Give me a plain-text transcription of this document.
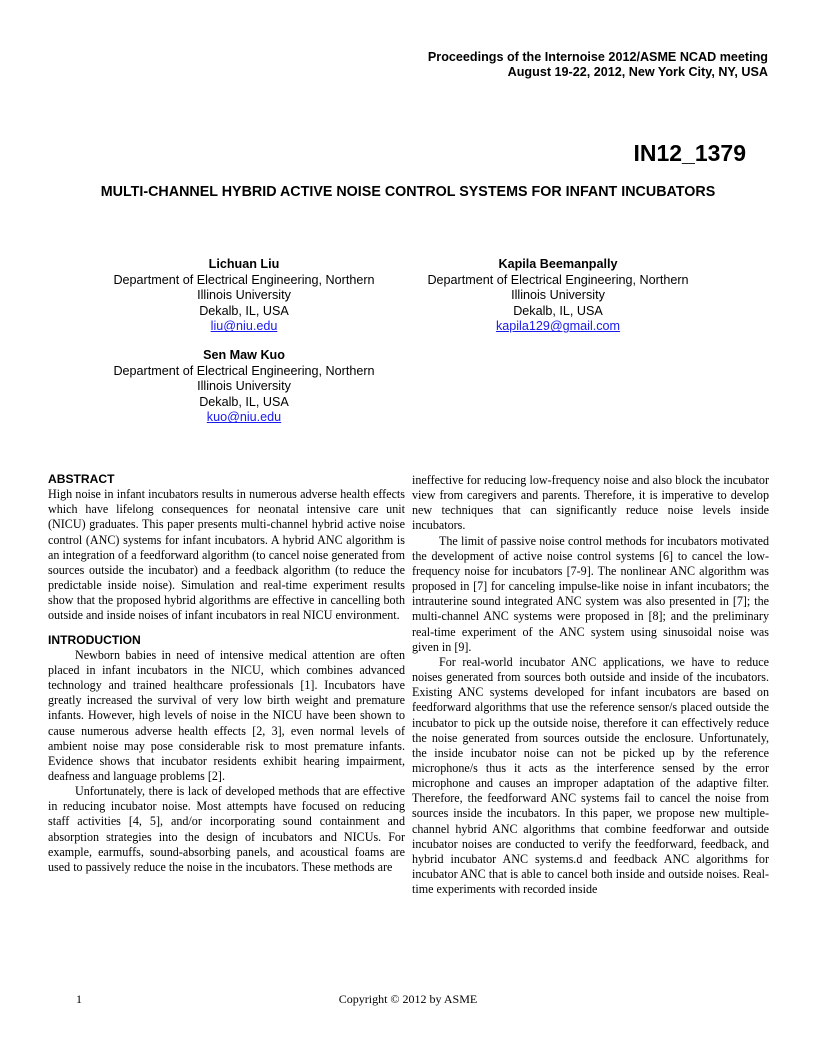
Proceedings of the Internoise 2012/ASME NCAD meeting
August 19-22, 2012, New York City, NY, USA
IN12_1379
MULTI-CHANNEL HYBRID ACTIVE NOISE CONTROL SYSTEMS FOR INFANT INCUBATORS
Lichuan Liu
Department of Electrical Engineering, Northern Illinois University
Dekalb, IL, USA
liu@niu.edu
Kapila Beemanpally
Department of Electrical Engineering, Northern Illinois University
Dekalb, IL, USA
kapila129@gmail.com
Sen Maw Kuo
Department of Electrical Engineering, Northern Illinois University
Dekalb, IL, USA
kuo@niu.edu
ABSTRACT

High noise in infant incubators results in numerous adverse health effects which have lifelong consequences for neonatal intensive care unit (NICU) graduates. This paper presents multi-channel hybrid active noise control (ANC) systems for infant incubators. A hybrid ANC algorithm is an integration of a feedforward algorithm (to cancel noise generated from sources outside the incubator) and a feedback algorithm (to reduce the predictable inside noise). Simulation and real-time experiment results show that the proposed hybrid algorithms are effective in cancelling both outside and inside noises of infant incubators in real NICU environment.

INTRODUCTION

Newborn babies in need of intensive medical attention are often placed in infant incubators in the NICU, which combines advanced technology and trained healthcare professionals [1]. Incubators have greatly increased the survival of very low birth weight and premature infants. However, high levels of noise in the NICU have been shown to cause numerous adverse health effects [2, 3], even normal levels of ambient noise may pose considerable risk to most premature infants. Evidence shows that incubator residents exhibit hearing impairment, deafness and language problems [2].

Unfortunately, there is lack of developed methods that are effective in reducing incubator noise. Most attempts have focused on reducing staff activities [4, 5], and/or incorporating sound containment and absorption strategies into the design of incubators and NICUs. For example, earmuffs, sound-absorbing panels, and acoustical foams are used to passively reduce the noise in the incubators. These methods are

ineffective for reducing low-frequency noise and also block the incubator view from caregivers and parents. Therefore, it is imperative to develop new techniques that can significantly reduce noise levels inside incubators.

The limit of passive noise control methods for incubators motivated the development of active noise control systems [6] to cancel the low-frequency noise for incubators [7-9]. The nonlinear ANC algorithm was proposed in [7] for canceling impulse-like noise in infant incubators; the intrauterine sound integrated ANC system was also presented in [7]; the multi-channel ANC systems were proposed in [8]; and the preliminary real-time experiment of the ANC system using sinusoidal noise was given in [9].

For real-world incubator ANC applications, we have to reduce noises generated from sources both outside and inside of the incubators. Existing ANC systems developed for infant incubators are based on feedforward algorithms that use the reference sensor/s placed outside the incubator to pick up the outside noise, therefore it can effectively reduce the noise generated from sources outside the enclosure. Unfortunately, the inside incubator noise can not be picked up by the reference microphone/s thus it acts as the interference sensed by the error microphone and causes an improper adaptation of the adaptive filter. Therefore, the feedforward ANC systems fail to cancel the noise from sources inside the incubators. In this paper, we propose new multiple-channel hybrid ANC algorithms that combine feedforwar and outside incubator noises are conducted to verify the feedforward, feedback, and hybrid incubator ANC systems.d and feedback ANC algorithms for incubator ANC that is able to cancel both inside and outside noises. Real-time experiments with recorded inside

1	Copyright © 2012 by ASME
